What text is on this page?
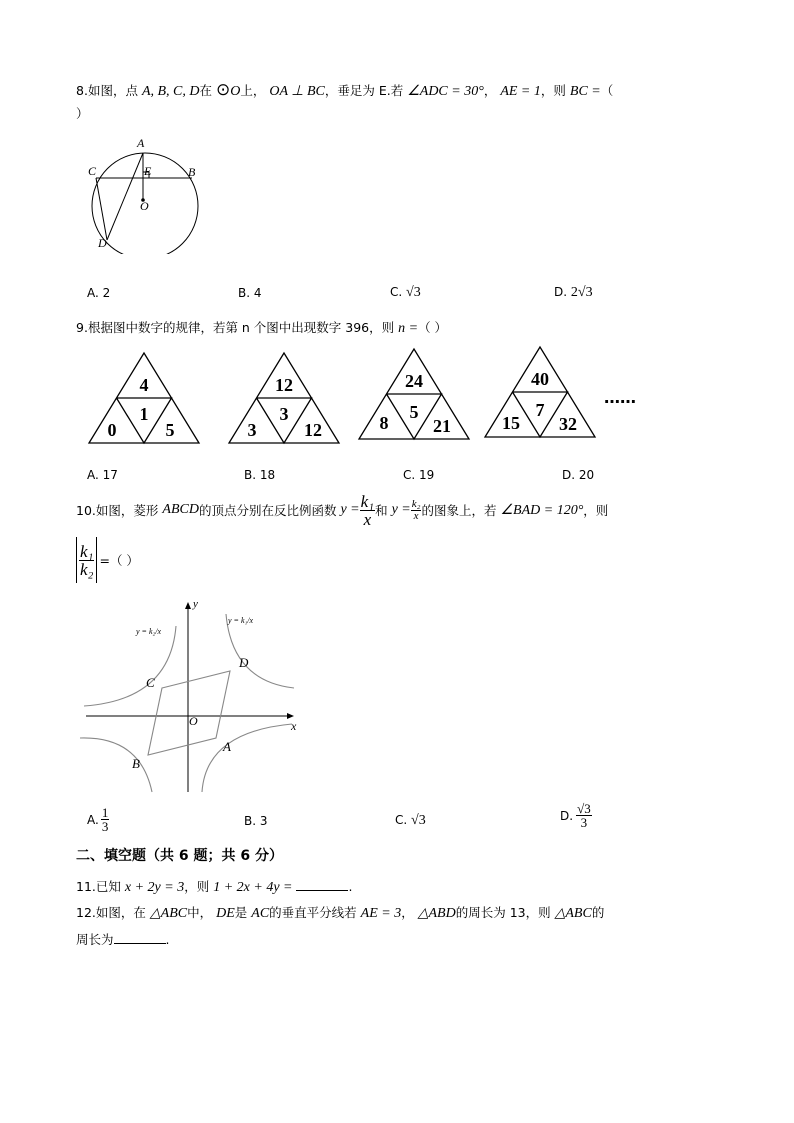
8.如图，点 A, B, C, D在 ⊙O上， OA ⊥ BC，垂足为 E.若 ∠ADC = 30°， AE = 1，则 BC =（
）
A
C	E	B
O
D
A. 2	B. 4	C. √3	D. 2√3
9.根据图中数字的规律，若第 n 个图中出现数字 396，则 n =（ ）
4
1
0	5
12
3
3	12
24
5
8 21
40
7
15 32
……
A. 17	B. 18	C. 19	D. 20
10. 如图，菱形
ABCD 的顶点分别在反比例函数
$y = \frac{\text{k₁}}{x}$ 和
$y = \frac{\text{k₂}}{x}$ 的图象上，若
∠BAD = 120° ，则
$\frac{\text{k₁}}{\text{k₂}}$ =（ ）
y
x
O
y = k₂/x
y = k₁/x
C
D
A
B
A. $\frac{1}{3}$	B. 3	C. √3	D. $\frac{√3}{3}$
二、填空题（共 6 题；共 6 分）
11.已知 x + 2y = 3，则 1 + 2x + 4y =	.
12.如图，在 △ABC中， DE是 AC的垂直平分线若 AE = 3， △ABD的周长为 13，则 △ABC的
周长为	.
